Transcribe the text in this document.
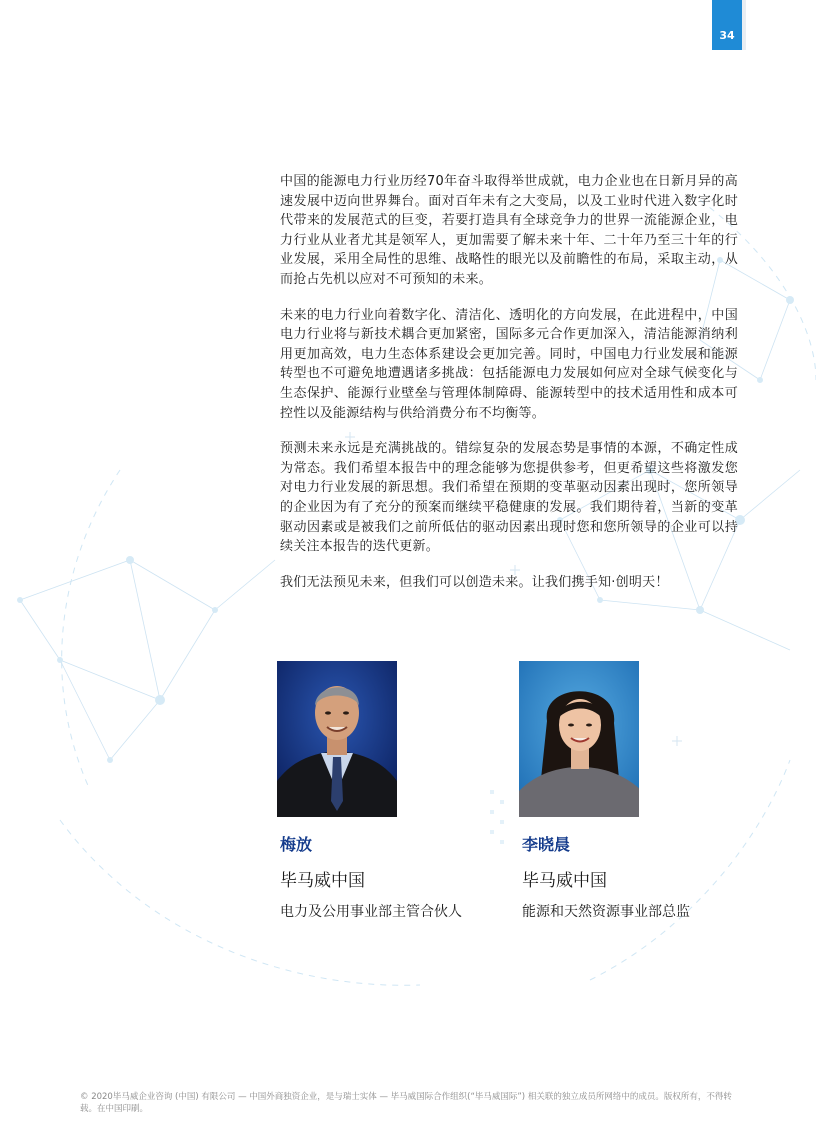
34

中国的能源电力行业历经70年奋斗取得举世成就，电力企业也在日新月异的高速发展中迈向世界舞台。面对百年未有之大变局，以及工业时代进入数字化时代带来的发展范式的巨变，若要打造具有全球竞争力的世界一流能源企业，电力行业从业者尤其是领军人，更加需要了解未来十年、二十年乃至三十年的行业发展，采用全局性的思维、战略性的眼光以及前瞻性的布局，采取主动，从而抢占先机以应对不可预知的未来。

未来的电力行业向着数字化、清洁化、透明化的方向发展，在此进程中，中国电力行业将与新技术耦合更加紧密，国际多元合作更加深入，清洁能源消纳利用更加高效，电力生态体系建设会更加完善。同时，中国电力行业发展和能源转型也不可避免地遭遇诸多挑战：包括能源电力发展如何应对全球气候变化与生态保护、能源行业壁垒与管理体制障碍、能源转型中的技术适用性和成本可控性以及能源结构与供给消费分布不均衡等。

预测未来永远是充满挑战的。错综复杂的发展态势是事情的本源，不确定性成为常态。我们希望本报告中的理念能够为您提供参考，但更希望这些将激发您对电力行业发展的新思想。我们希望在预期的变革驱动因素出现时，您所领导的企业因为有了充分的预案而继续平稳健康的发展。我们期待着，当新的变革驱动因素或是被我们之前所低估的驱动因素出现时您和您所领导的企业可以持续关注本报告的迭代更新。

我们无法预见未来，但我们可以创造未来。让我们携手知·创明天！

梅放
毕马威中国
电力及公用事业部主管合伙人
李晓晨
毕马威中国
能源和天然资源事业部总监
© 2020毕马威企业咨询 (中国) 有限公司 — 中国外商独资企业，是与瑞士实体 — 毕马威国际合作组织(“毕马威国际”) 相关联的独立成员所网络中的成员。版权所有，不得转载。在中国印刷。
